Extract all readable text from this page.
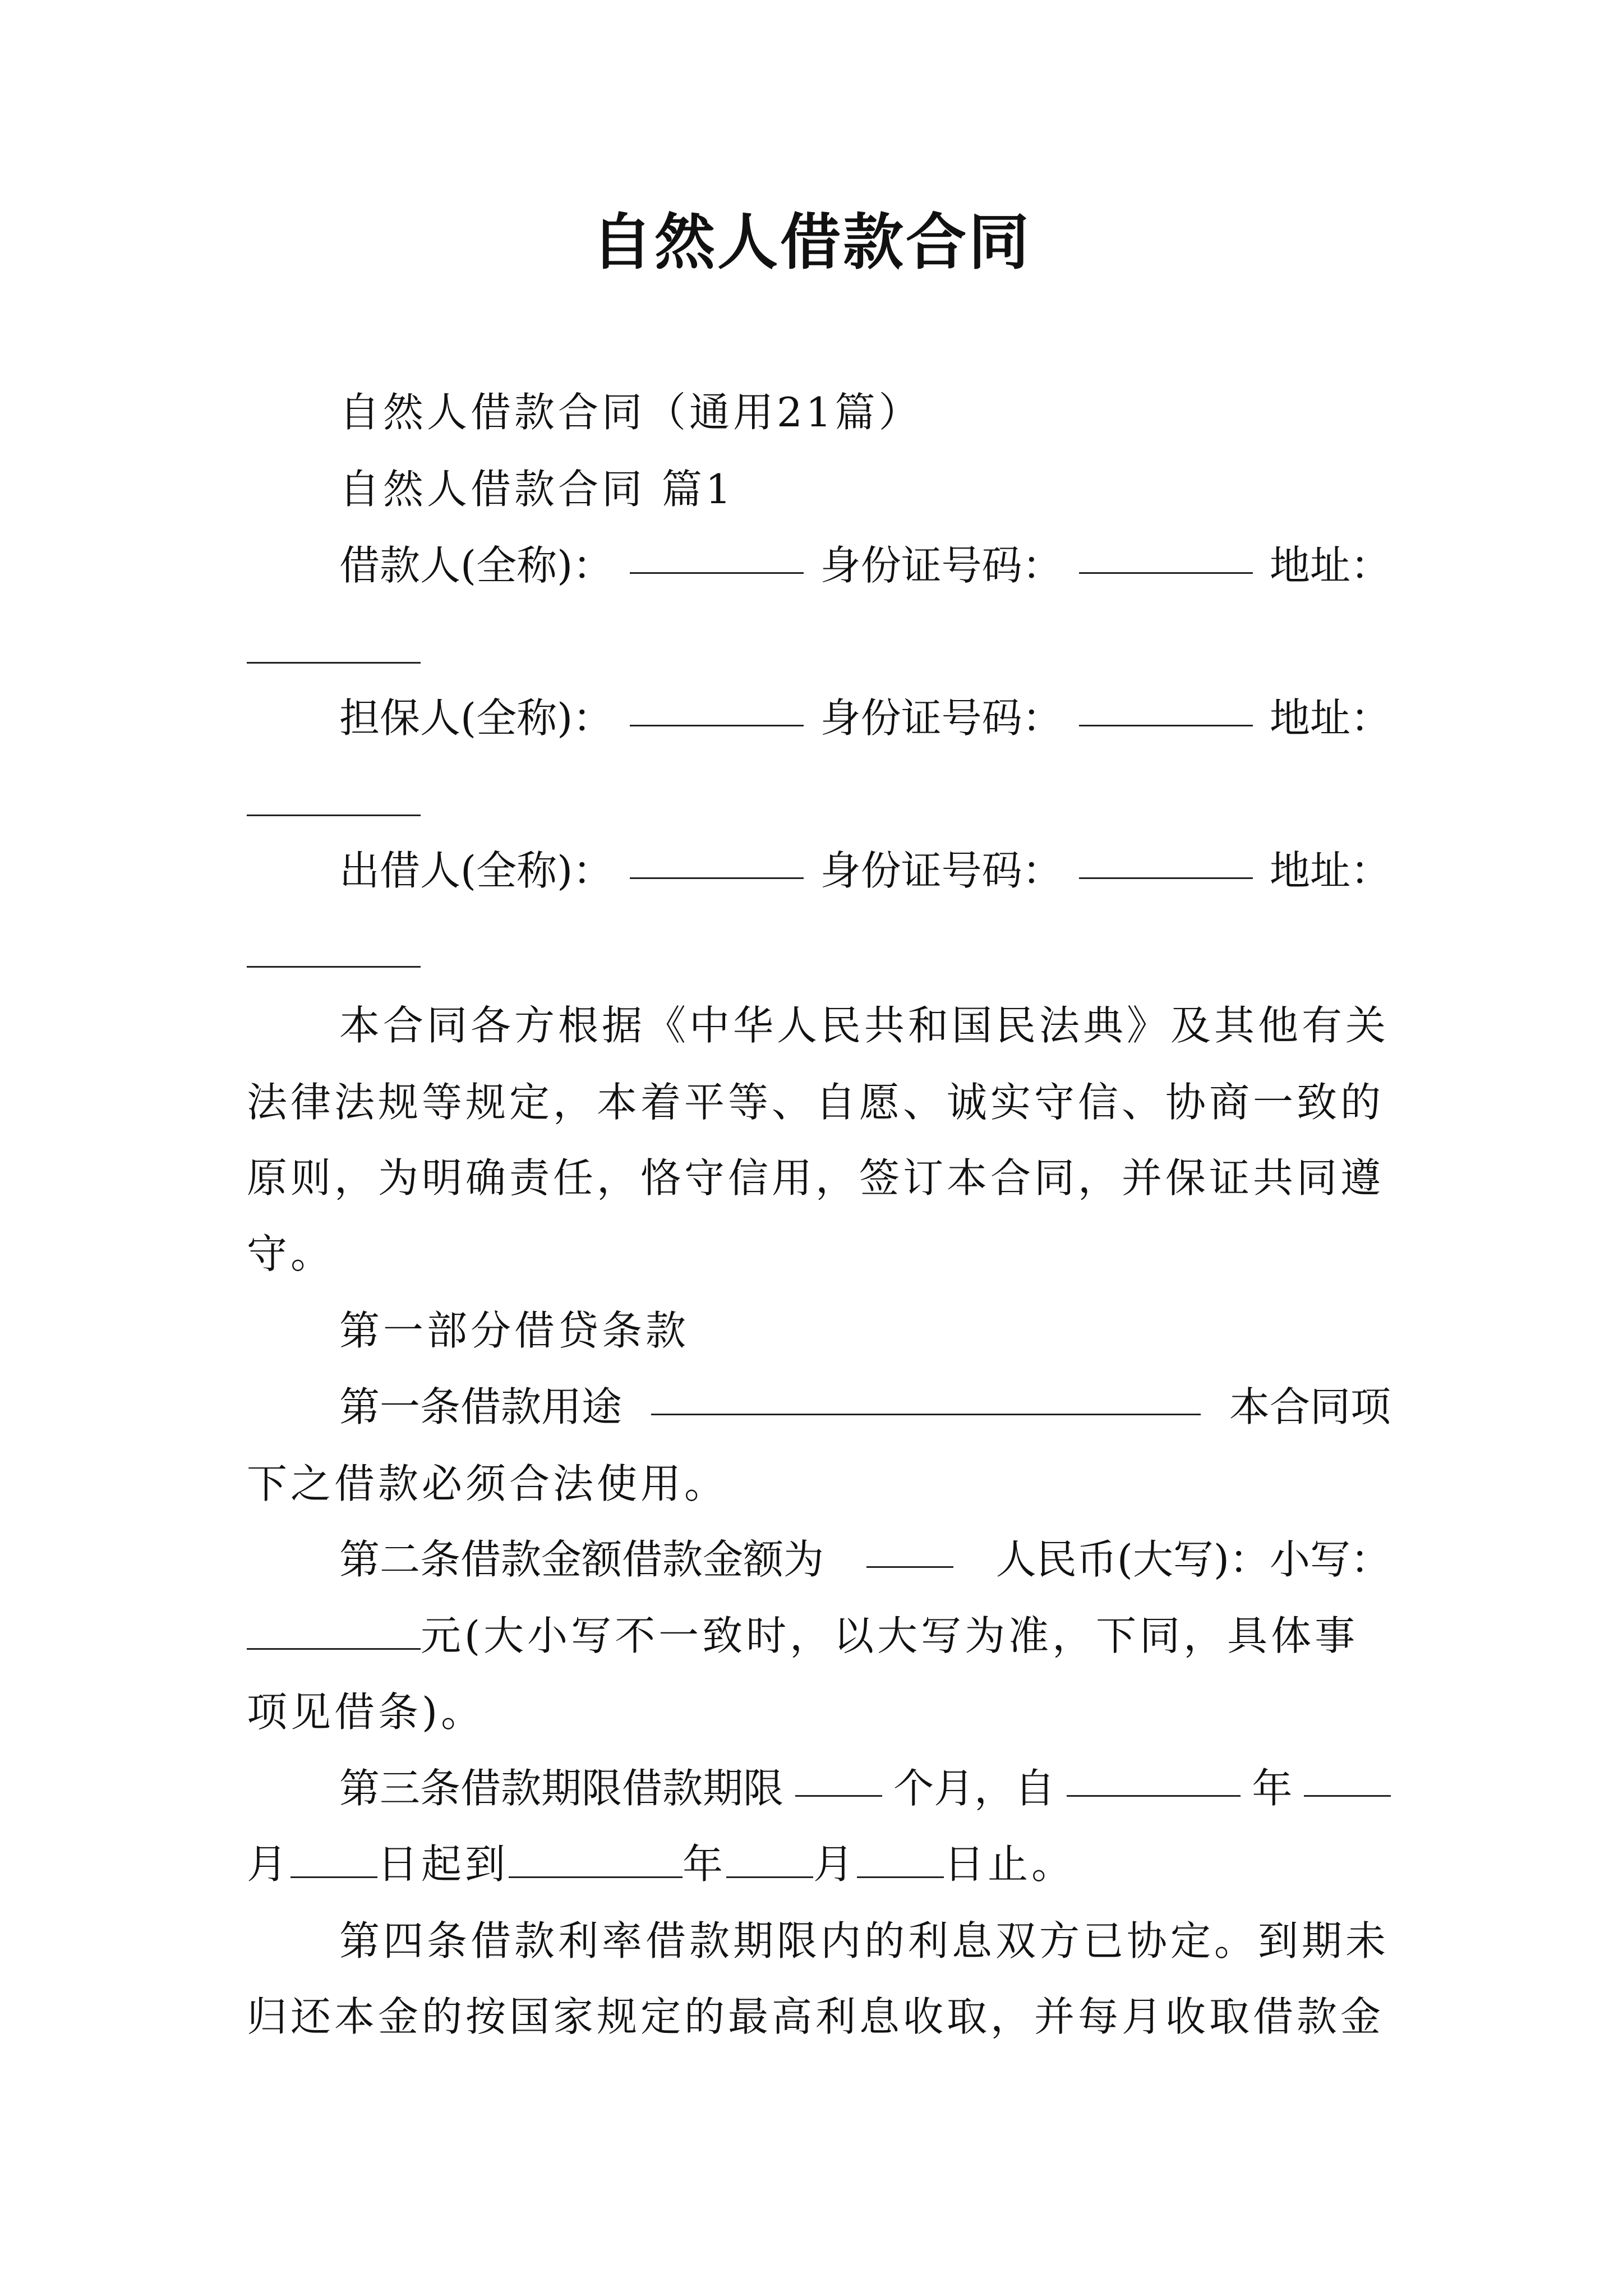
自然人借款合同
自然人借款合同（通用21篇）
自然人借款合同 篇1
借款人(全称)：	身份证号码：	地址：
担保人(全称)：	身份证号码：	地址：
出借人(全称)：	身份证号码：	地址：
本合同各方根据《中华人民共和国民法典》及其他有关
法律法规等规定，本着平等、自愿、诚实守信、协商一致的
原则，为明确责任，恪守信用，签订本合同，并保证共同遵
守。
第一部分借贷条款
第一条借款用途	本合同项
下之借款必须合法使用。
第二条借款金额借款金额为	人民币(大写)：小写：
元(大小写不一致时，以大写为准，下同，具体事
项见借条)。
第三条借款期限借款期限	个月，自	年
月 日起到	年 月 日止。
第四条借款利率借款期限内的利息双方已协定。到期未
归还本金的按国家规定的最高利息收取，并每月收取借款金
